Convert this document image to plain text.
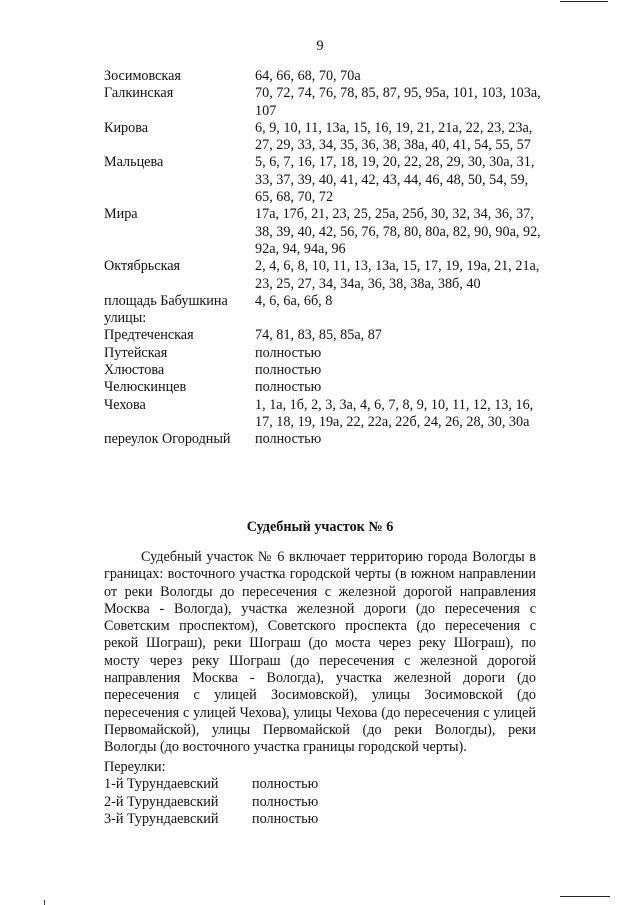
9
Зосимовская	64, 66, 68, 70, 70а
Галкинская	70, 72, 74, 76, 78, 85, 87, 95, 95а, 101, 103, 103а, 107
Кирова	6, 9, 10, 11, 13а, 15, 16, 19, 21, 21а, 22, 23, 23а, 27, 29, 33, 34, 35, 36, 38, 38а, 40, 41, 54, 55, 57
Мальцева	5, 6, 7, 16, 17, 18, 19, 20, 22, 28, 29, 30, 30а, 31, 33, 37, 39, 40, 41, 42, 43, 44, 46, 48, 50, 54, 59, 65, 68, 70, 72
Мира	17а, 17б, 21, 23, 25, 25а, 25б, 30, 32, 34, 36, 37, 38, 39, 40, 42, 56, 76, 78, 80, 80а, 82, 90, 90а, 92, 92а, 94, 94а, 96
Октябрьская	2, 4, 6, 8, 10, 11, 13, 13а, 15, 17, 19, 19а, 21, 21а, 23, 25, 27, 34, 34а, 36, 38, 38а, 38б, 40
площадь Бабушкина	4, 6, 6а, 6б, 8
улицы:
Предтеченская	74, 81, 83, 85, 85а, 87
Путейская	полностью
Хлюстова	полностью
Челюскинцев	полностью
Чехова	1, 1а, 1б, 2, 3, 3а, 4, 6, 7, 8, 9, 10, 11, 12, 13, 16, 17, 18, 19, 19а, 22, 22а, 22б, 24, 26, 28, 30, 30а
переулок Огородный	полностью
Судебный участок № 6

Судебный участок № 6 включает территорию города Вологды в границах: восточного участка городской черты (в южном направлении от реки Вологды до пересечения с железной дорогой направления Москва - Вологда), участка железной дороги (до пересечения с Советским проспектом), Советского проспекта (до пересечения с рекой Шограш), реки Шограш (до моста через реку Шограш), по мосту через реку Шограш (до пересечения с железной дорогой направления Москва - Вологда), участка железной дороги (до пересечения с улицей Зосимовской), улицы Зосимовской (до пересечения с улицей Чехова), улицы Чехова (до пересечения с улицей Первомайской), улицы Первомайской (до реки Вологды), реки Вологды (до восточного участка границы городской черты).

Переулки:
1-й Турундаевский	полностью
2-й Турундаевский	полностью
3-й Турундаевский	полностью
